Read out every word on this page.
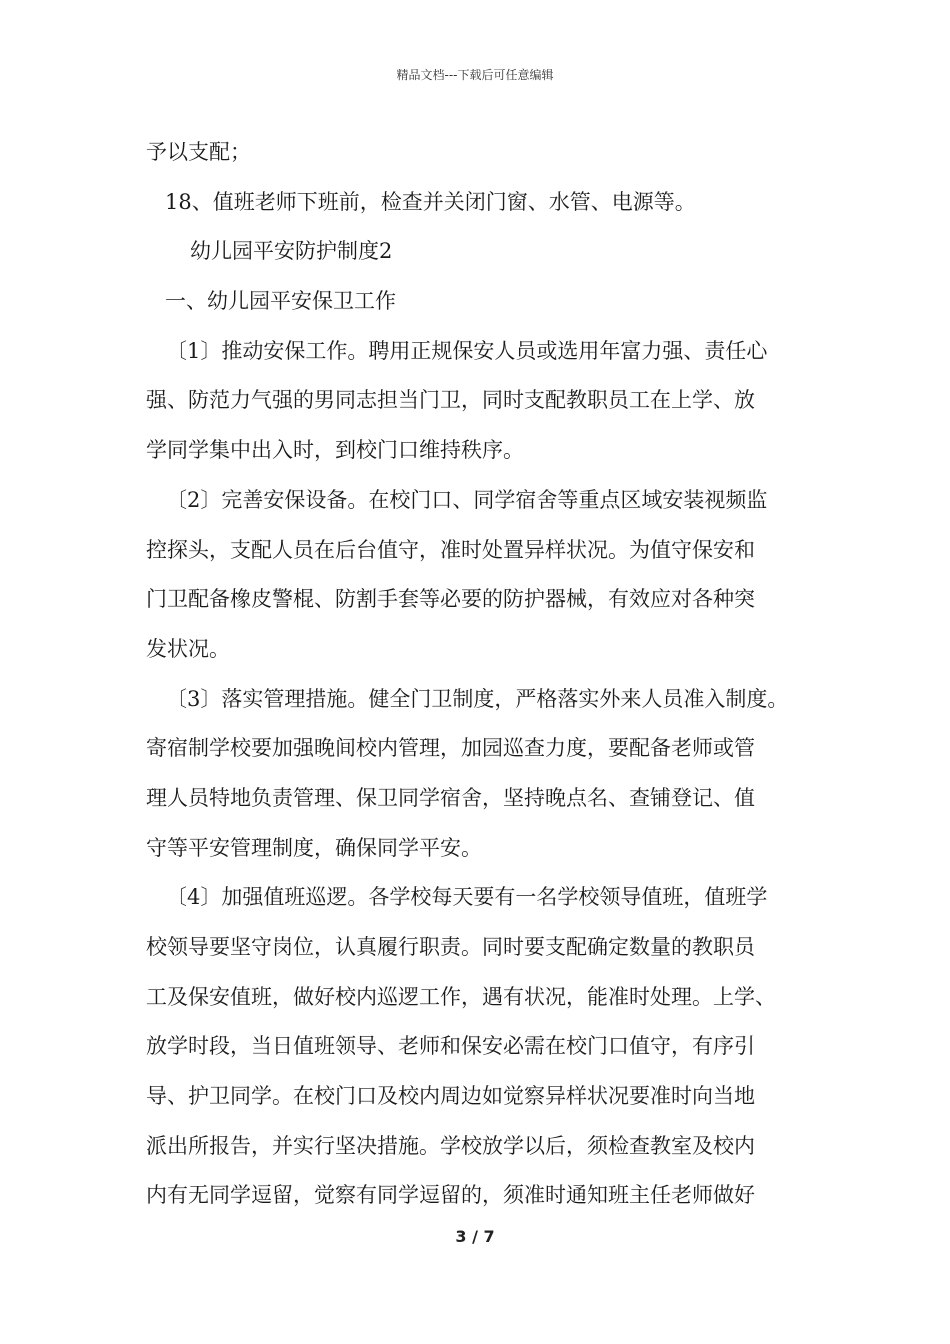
精品文档---下载后可任意编辑
予以支配；
18、值班老师下班前，检查并关闭门窗、水管、电源等。
幼儿园平安防护制度2
一、幼儿园平安保卫工作
〔1〕推动安保工作。聘用正规保安人员或选用年富力强、责任心
强、防范力气强的男同志担当门卫，同时支配教职员工在上学、放
学同学集中出入时，到校门口维持秩序。
〔2〕完善安保设备。在校门口、同学宿舍等重点区域安装视频监
控探头，支配人员在后台值守，准时处置异样状况。为值守保安和
门卫配备橡皮警棍、防割手套等必要的防护器械，有效应对各种突
发状况。
〔3〕落实管理措施。健全门卫制度，严格落实外来人员准入制度。
寄宿制学校要加强晚间校内管理，加园巡查力度，要配备老师或管
理人员特地负责管理、保卫同学宿舍，坚持晚点名、查铺登记、值
守等平安管理制度，确保同学平安。
〔4〕加强值班巡逻。各学校每天要有一名学校领导值班，值班学
校领导要坚守岗位，认真履行职责。同时要支配确定数量的教职员
工及保安值班，做好校内巡逻工作，遇有状况，能准时处理。上学、
放学时段，当日值班领导、老师和保安必需在校门口值守，有序引
导、护卫同学。在校门口及校内周边如觉察异样状况要准时向当地
派出所报告，并实行坚决措施。学校放学以后，须检查教室及校内
内有无同学逗留，觉察有同学逗留的，须准时通知班主任老师做好
3 / 7
